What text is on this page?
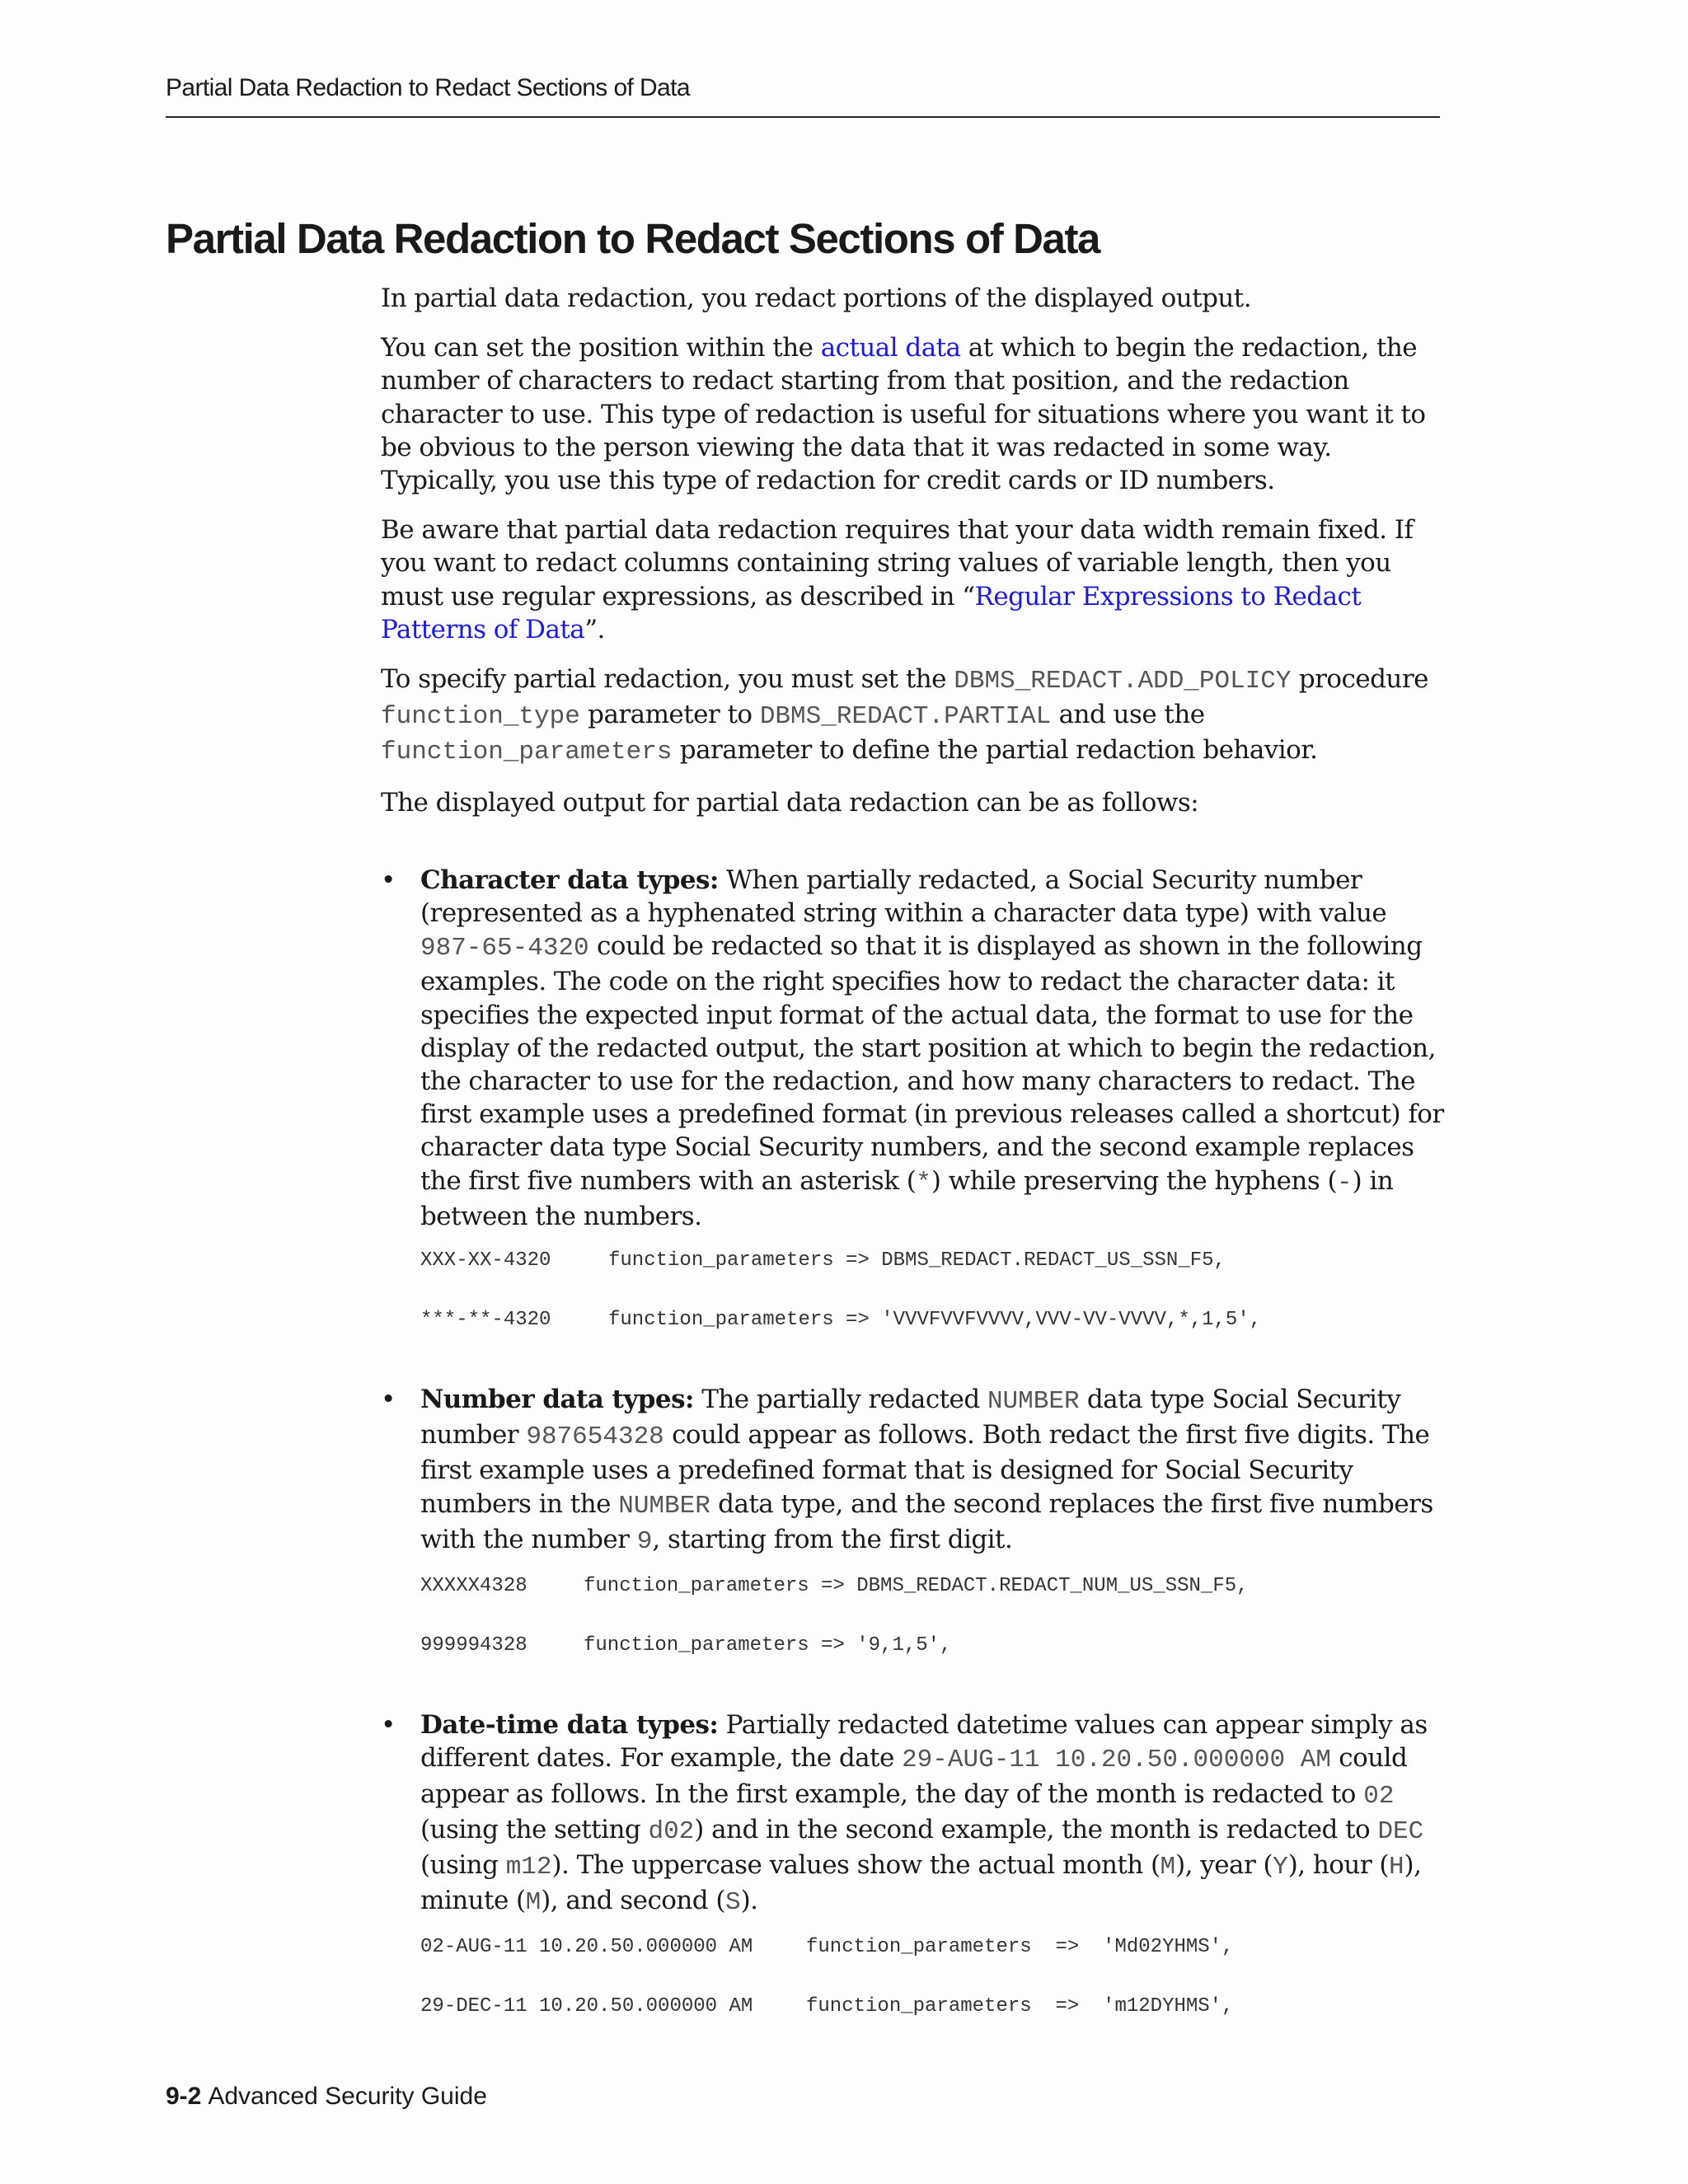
Partial Data Redaction to Redact Sections of Data
Partial Data Redaction to Redact Sections of Data

In partial data redaction, you redact portions of the displayed output.

You can set the position within the actual data at which to begin the redaction, the number of characters to redact starting from that position, and the redaction character to use. This type of redaction is useful for situations where you want it to be obvious to the person viewing the data that it was redacted in some way. Typically, you use this type of redaction for credit cards or ID numbers.

Be aware that partial data redaction requires that your data width remain fixed. If you want to redact columns containing string values of variable length, then you must use regular expressions, as described in “Regular Expressions to Redact Patterns of Data”.

To specify partial redaction, you must set the DBMS_REDACT.ADD_POLICY procedure function_type parameter to DBMS_REDACT.PARTIAL and use the function_parameters parameter to define the partial redaction behavior.

The displayed output for partial data redaction can be as follows:

• Character data types: When partially redacted, a Social Security number (represented as a hyphenated string within a character data type) with value 987-65-4320 could be redacted so that it is displayed as shown in the following examples. The code on the right specifies how to redact the character data: it specifies the expected input format of the actual data, the format to use for the display of the redacted output, the start position at which to begin the redaction, the character to use for the redaction, and how many characters to redact. The first example uses a predefined format (in previous releases called a shortcut) for character data type Social Security numbers, and the second example replaces the first five numbers with an asterisk (*) while preserving the hyphens (-) in between the numbers.
XXX-XX-4320	function_parameters => DBMS_REDACT.REDACT_US_SSN_F5,
***-**-4320	function_parameters => 'VVVFVVFVVVV,VVV-VV-VVVV,*,1,5',
• Number data types: The partially redacted NUMBER data type Social Security number 987654328 could appear as follows. Both redact the first five digits. The first example uses a predefined format that is designed for Social Security numbers in the NUMBER data type, and the second replaces the first five numbers with the number 9, starting from the first digit.
XXXXX4328	function_parameters => DBMS_REDACT.REDACT_NUM_US_SSN_F5,
999994328	function_parameters => '9,1,5',
• Date-time data types: Partially redacted datetime values can appear simply as different dates. For example, the date 29-AUG-11 10.20.50.000000 AM could appear as follows. In the first example, the day of the month is redacted to 02 (using the setting d02) and in the second example, the month is redacted to DEC (using m12). The uppercase values show the actual month (M), year (Y), hour (H), minute (M), and second (S).
02-AUG-11 10.20.50.000000 AM	function_parameters  =>  'Md02YHMS',
29-DEC-11 10.20.50.000000 AM	function_parameters  =>  'm12DYHMS',
9-2 Advanced Security Guide
